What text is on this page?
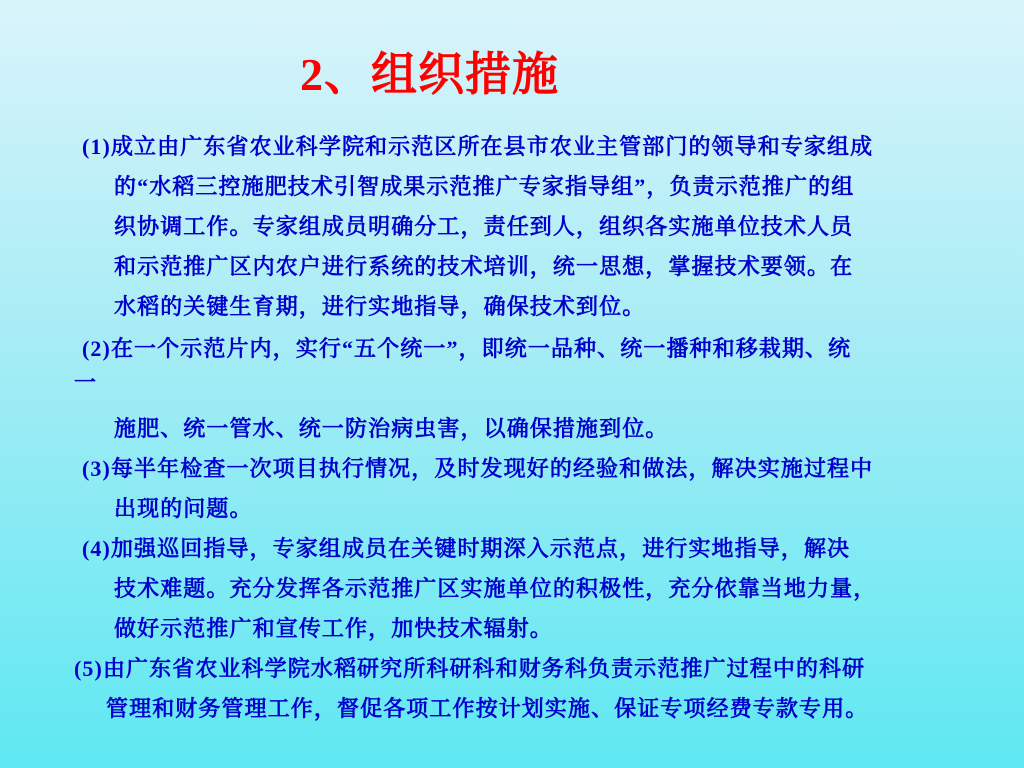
2、组织措施
(1)成立由广东省农业科学院和示范区所在县市农业主管部门的领导和专家组成
的“水稻三控施肥技术引智成果示范推广专家指导组”，负责示范推广的组
织协调工作。专家组成员明确分工，责任到人，组织各实施单位技术人员
和示范推广区内农户进行系统的技术培训，统一思想，掌握技术要领。在
水稻的关键生育期，进行实地指导，确保技术到位。
(2)在一个示范片内，实行“五个统一”，即统一品种、统一播种和移栽期、统
一
施肥、统一管水、统一防治病虫害，以确保措施到位。
(3)每半年检查一次项目执行情况，及时发现好的经验和做法，解决实施过程中
出现的问题。
(4)加强巡回指导，专家组成员在关键时期深入示范点，进行实地指导，解决
技术难题。充分发挥各示范推广区实施单位的积极性，充分依靠当地力量，
做好示范推广和宣传工作，加快技术辐射。
(5)由广东省农业科学院水稻研究所科研科和财务科负责示范推广过程中的科研
管理和财务管理工作，督促各项工作按计划实施、保证专项经费专款专用。
